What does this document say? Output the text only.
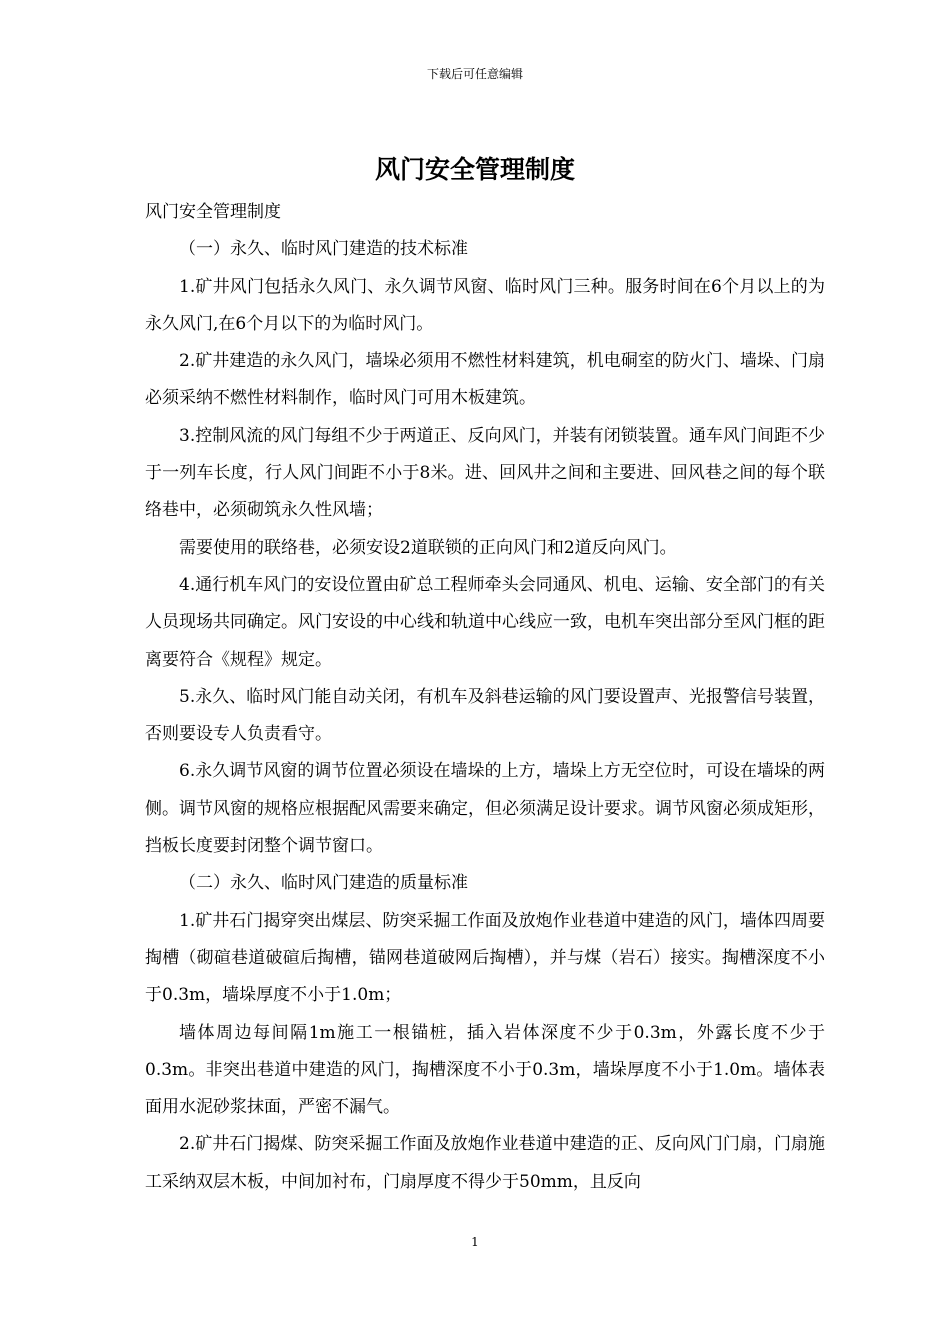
下载后可任意编辑
风门安全管理制度

风门安全管理制度

（一）永久、临时风门建造的技术标准

1.矿井风门包括永久风门、永久调节风窗、临时风门三种。服务时间在6个月以上的为永久风门,在6个月以下的为临时风门。

2.矿井建造的永久风门，墙垛必须用不燃性材料建筑，机电硐室的防火门、墙垛、门扇必须采纳不燃性材料制作，临时风门可用木板建筑。

3.控制风流的风门每组不少于两道正、反向风门，并装有闭锁装置。通车风门间距不少于一列车长度，行人风门间距不小于8米。进、回风井之间和主要进、回风巷之间的每个联络巷中，必须砌筑永久性风墙；

需要使用的联络巷，必须安设2道联锁的正向风门和2道反向风门。

4.通行机车风门的安设位置由矿总工程师牵头会同通风、机电、运输、安全部门的有关人员现场共同确定。风门安设的中心线和轨道中心线应一致，电机车突出部分至风门框的距离要符合《规程》规定。

5.永久、临时风门能自动关闭，有机车及斜巷运输的风门要设置声、光报警信号装置，否则要设专人负责看守。

6.永久调节风窗的调节位置必须设在墙垛的上方，墙垛上方无空位时，可设在墙垛的两侧。调节风窗的规格应根据配风需要来确定，但必须满足设计要求。调节风窗必须成矩形，挡板长度要封闭整个调节窗口。

（二）永久、临时风门建造的质量标准

1.矿井石门揭穿突出煤层、防突采掘工作面及放炮作业巷道中建造的风门，墙体四周要掏槽（砌碹巷道破碹后掏槽，锚网巷道破网后掏槽），并与煤（岩石）接实。掏槽深度不小于0.3m，墙垛厚度不小于1.0m；

墙体周边每间隔1m施工一根锚桩，插入岩体深度不少于0.3m，外露长度不少于0.3m。非突出巷道中建造的风门，掏槽深度不小于0.3m，墙垛厚度不小于1.0m。墙体表面用水泥砂浆抹面，严密不漏气。

2.矿井石门揭煤、防突采掘工作面及放炮作业巷道中建造的正、反向风门门扇，门扇施工采纳双层木板，中间加衬布，门扇厚度不得少于50mm，且反向

1
